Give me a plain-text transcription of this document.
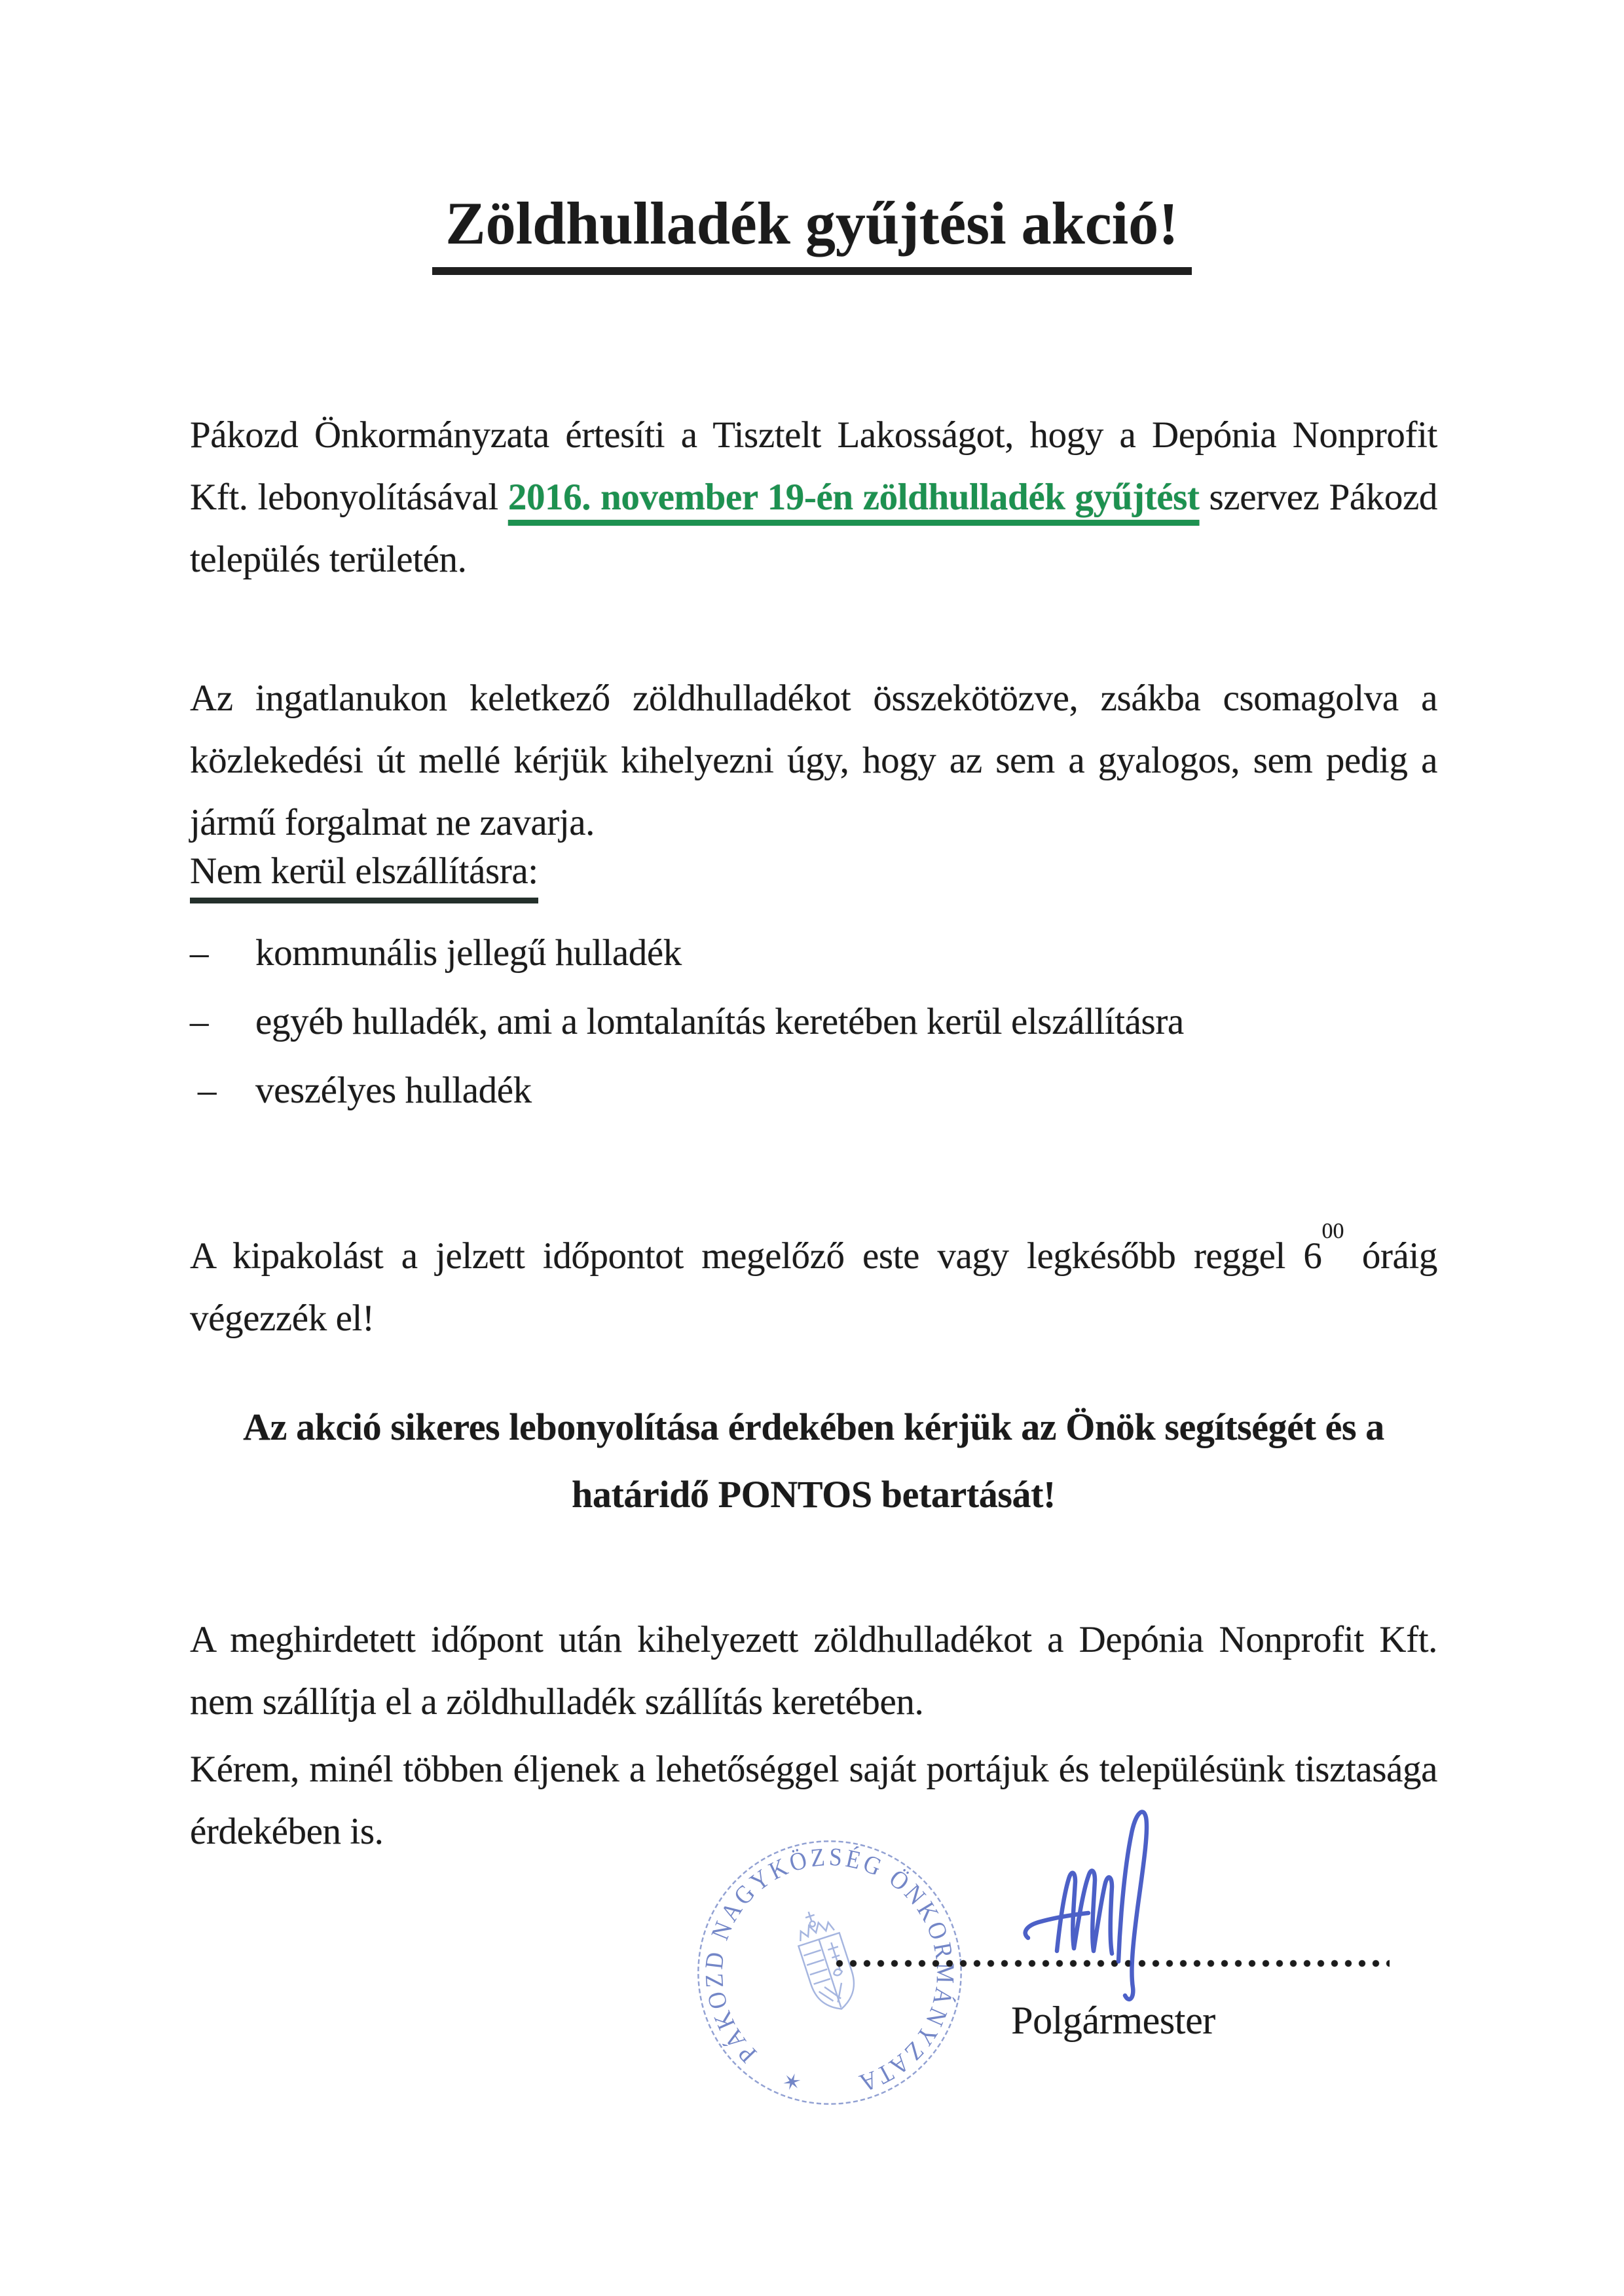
Zöldhulladék gyűjtési akció!

Pákozd Önkormányzata értesíti a Tisztelt Lakosságot, hogy a Depónia Nonprofit Kft. lebonyolításával 2016. november 19-én zöldhulladék gyűjtést szervez Pákozd település területén.

Az ingatlanukon keletkező zöldhulladékot összekötözve, zsákba csomagolva a közlekedési út mellé kérjük kihelyezni úgy, hogy az sem a gyalogos, sem pedig a jármű forgalmat ne zavarja.

Nem kerül elszállításra:
–	kommunális jellegű hulladék
–	egyéb hulladék, ami a lomtalanítás keretében kerül elszállításra
–	veszélyes hulladék

A kipakolást a jelzett időpontot megelőző este vagy legkésőbb reggel $6^{00}$ óráig végezzék el!

Az akció sikeres lebonyolítása érdekében kérjük az Önök segítségét és a
határidő PONTOS betartását!

A meghirdetett időpont után kihelyezett zöldhulladékot a Depónia Nonprofit Kft. nem szállítja el a zöldhulladék szállítás keretében.

Kérem, minél többen éljenek a lehetőséggel saját portájuk és településünk tisztasága érdekében is.

PÁKOZD NAGYKÖZSÉG ÖNKORMÁNYZATA
✶
Polgármester
